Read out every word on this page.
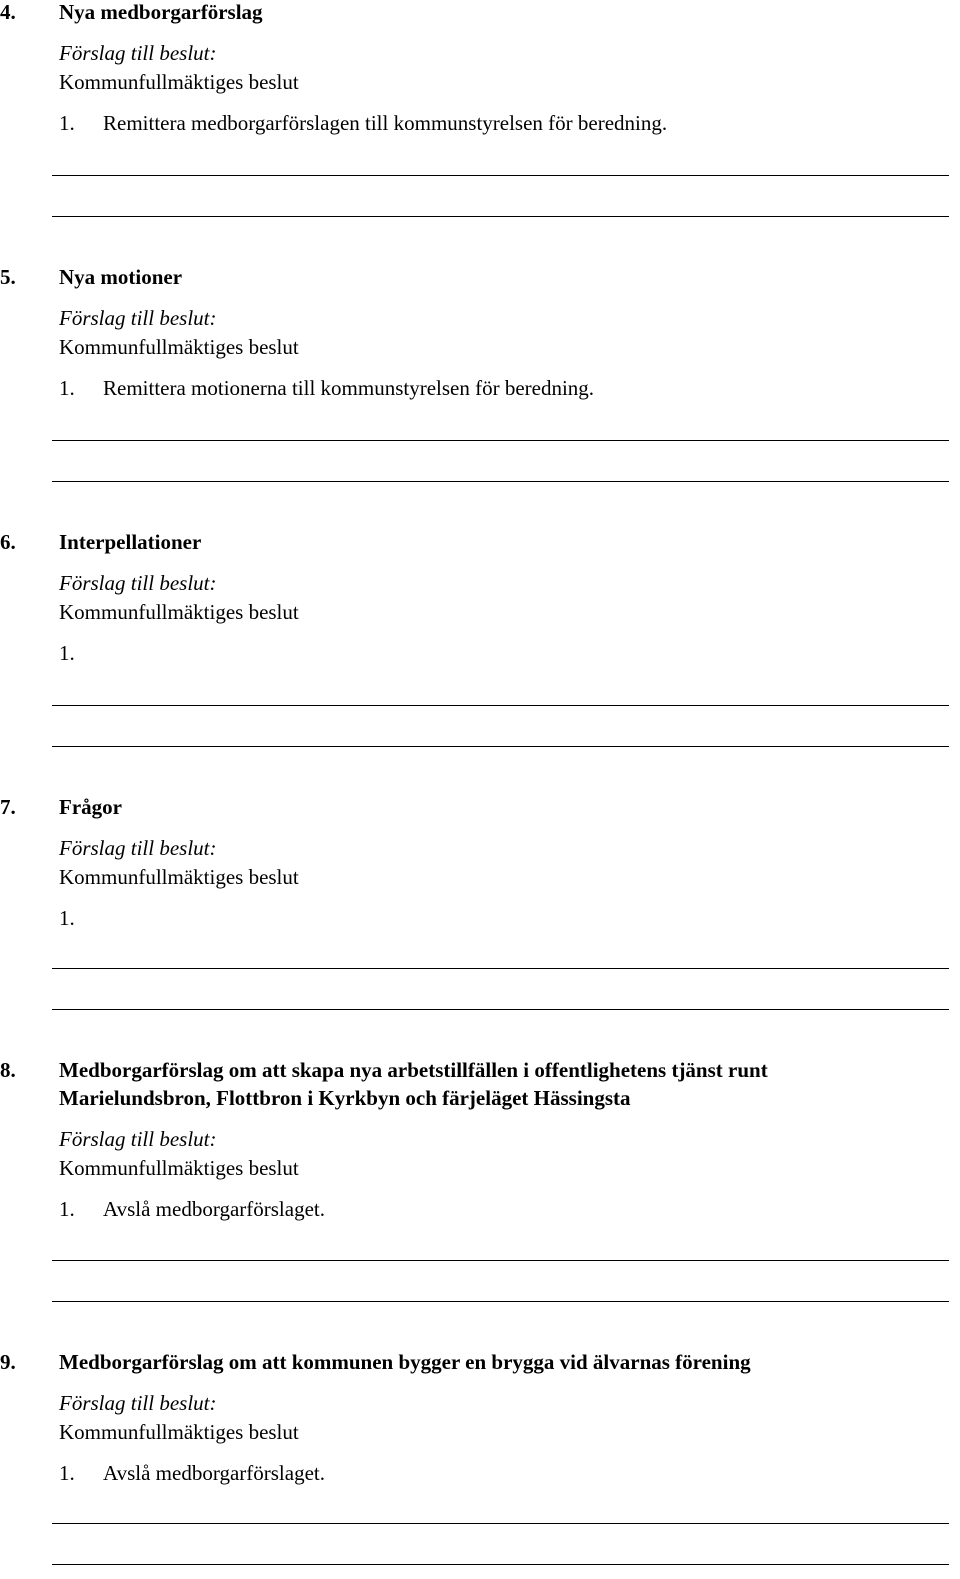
4. Nya medborgarförslag
Förslag till beslut:
Kommunfullmäktiges beslut
1. Remittera medborgarförslagen till kommunstyrelsen för beredning.
5. Nya motioner
Förslag till beslut:
Kommunfullmäktiges beslut
1. Remittera motionerna till kommunstyrelsen för beredning.
6. Interpellationer
Förslag till beslut:
Kommunfullmäktiges beslut
1.
7. Frågor
Förslag till beslut:
Kommunfullmäktiges beslut
1.
8. Medborgarförslag om att skapa nya arbetstillfällen i offentlighetens tjänst runt Marielundsbron, Flottbron i Kyrkbyn och färjeläget Hässingsta
Förslag till beslut:
Kommunfullmäktiges beslut
1. Avslå medborgarförslaget.
9. Medborgarförslag om att kommunen bygger en brygga vid älvarnas förening
Förslag till beslut:
Kommunfullmäktiges beslut
1. Avslå medborgarförslaget.
